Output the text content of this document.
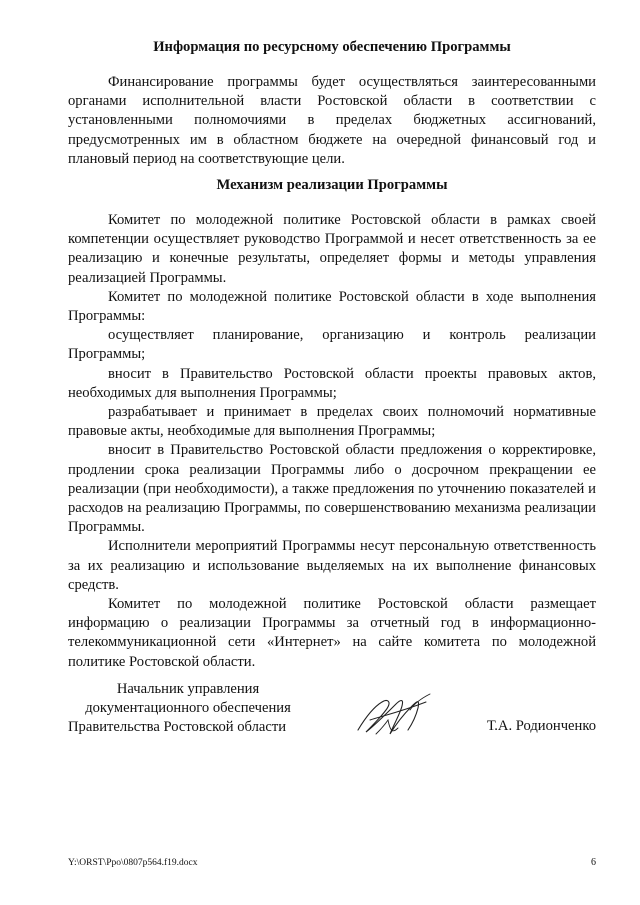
Информация по ресурсному обеспечению Программы

Финансирование программы будет осуществляться заинтересованными органами исполнительной власти Ростовской области в соответствии с установленными полномочиями в пределах бюджетных ассигнований, предусмотренных им в областном бюджете на очередной финансовый год и плановый период на соответствующие цели.

Механизм реализации Программы

Комитет по молодежной политике Ростовской области в рамках своей компетенции осуществляет руководство Программой и несет ответственность за ее реализацию и конечные результаты, определяет формы и методы управления реализацией Программы.

Комитет по молодежной политике Ростовской области в ходе выполнения Программы:

осуществляет планирование, организацию и контроль реализации Программы;

вносит в Правительство Ростовской области проекты правовых актов, необходимых для выполнения Программы;

разрабатывает и принимает в пределах своих полномочий нормативные правовые акты, необходимые для выполнения Программы;

вносит в Правительство Ростовской области предложения о корректировке, продлении срока реализации Программы либо о досрочном прекращении ее реализации (при необходимости), а также предложения по уточнению показателей и расходов на реализацию Программы, по совершенствованию механизма реализации Программы.

Исполнители мероприятий Программы несут персональную ответственность за их реализацию и использование выделяемых на их выполнение финансовых средств.

Комитет по молодежной политике Ростовской области размещает информацию о реализации Программы за отчетный год в информационно-телекоммуникационной сети «Интернет» на сайте комитета по молодежной политике Ростовской области.

Начальник управления
документационного обеспечения
Правительства Ростовской области	Т.А. Родионченко
Y:\ORST\Ppo\0807p564.f19.docx	6
